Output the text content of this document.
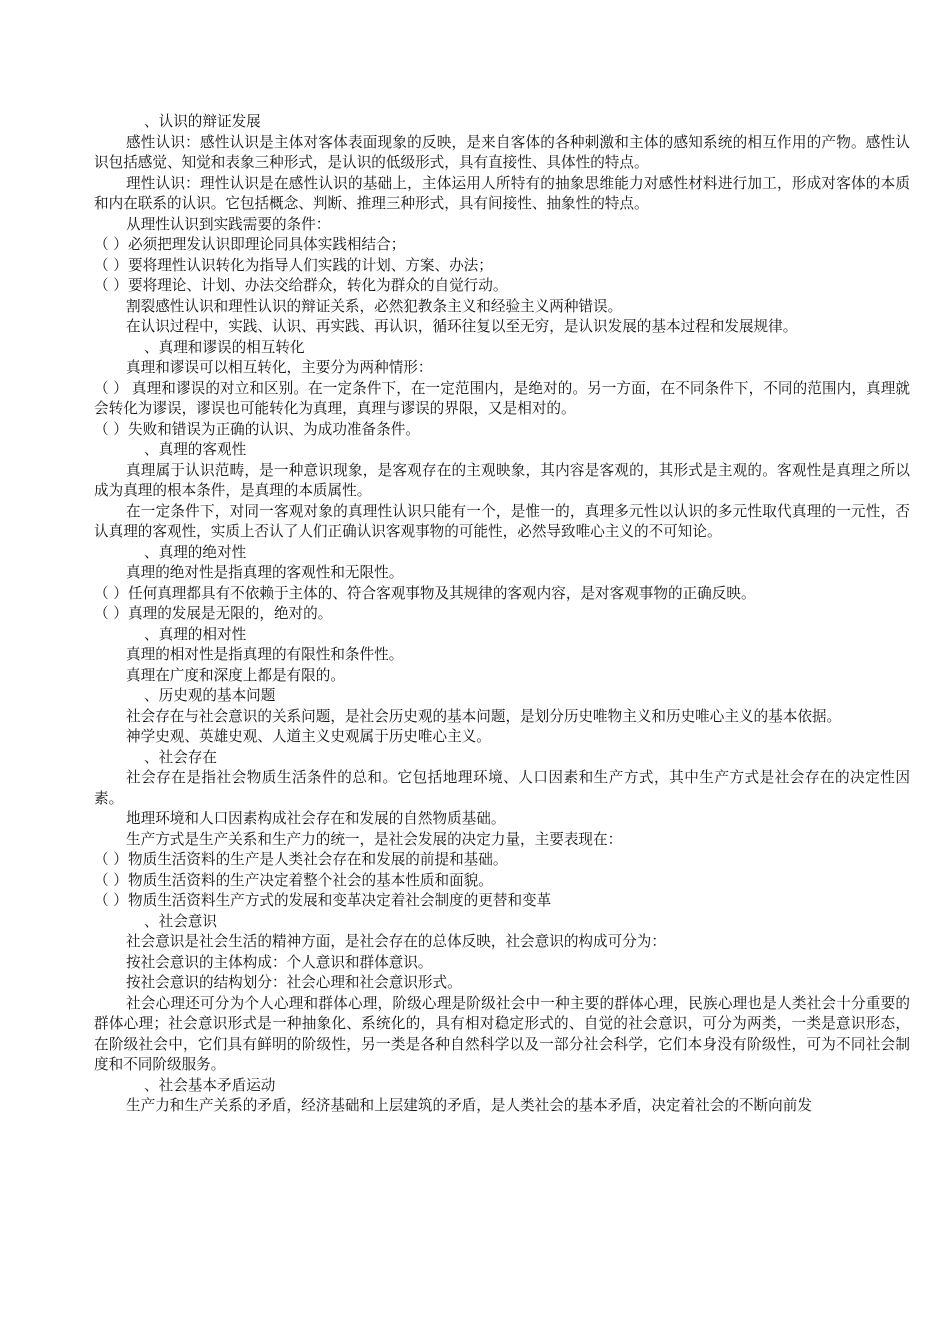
、认识的辩证发展

感性认识：感性认识是主体对客体表面现象的反映，是来自客体的各种刺激和主体的感知系统的相互作用的产物。感性认识包括感觉、知觉和表象三种形式，是认识的低级形式，具有直接性、具体性的特点。

理性认识：理性认识是在感性认识的基础上，主体运用人所特有的抽象思维能力对感性材料进行加工，形成对客体的本质和内在联系的认识。它包括概念、判断、推理三种形式，具有间接性、抽象性的特点。

从理性认识到实践需要的条件：

（ ）必须把理发认识即理论同具体实践相结合；

（ ）要将理性认识转化为指导人们实践的计划、方案、办法；

（ ）要将理论、计划、办法交给群众，转化为群众的自觉行动。

割裂感性认识和理性认识的辩证关系，必然犯教条主义和经验主义两种错误。

在认识过程中，实践、认识、再实践、再认识，循环往复以至无穷，是认识发展的基本过程和发展规律。

、真理和谬误的相互转化

真理和谬误可以相互转化，主要分为两种情形：

（ ） 真理和谬误的对立和区别。在一定条件下，在一定范围内，是绝对的。另一方面，在不同条件下，不同的范围内，真理就会转化为谬误，谬误也可能转化为真理，真理与谬误的界限，又是相对的。

（ ）失败和错误为正确的认识、为成功准备条件。

、真理的客观性

真理属于认识范畴，是一种意识现象，是客观存在的主观映象，其内容是客观的，其形式是主观的。客观性是真理之所以成为真理的根本条件，是真理的本质属性。

在一定条件下，对同一客观对象的真理性认识只能有一个，是惟一的，真理多元性以认识的多元性取代真理的一元性，否认真理的客观性，实质上否认了人们正确认识客观事物的可能性，必然导致唯心主义的不可知论。

、真理的绝对性

真理的绝对性是指真理的客观性和无限性。

（ ）任何真理都具有不依赖于主体的、符合客观事物及其规律的客观内容，是对客观事物的正确反映。

（ ）真理的发展是无限的，绝对的。

、真理的相对性

真理的相对性是指真理的有限性和条件性。

真理在广度和深度上都是有限的。

、历史观的基本问题

社会存在与社会意识的关系问题，是社会历史观的基本问题，是划分历史唯物主义和历史唯心主义的基本依据。

神学史观、英雄史观、人道主义史观属于历史唯心主义。

、社会存在

社会存在是指社会物质生活条件的总和。它包括地理环境、人口因素和生产方式，其中生产方式是社会存在的决定性因素。

地理环境和人口因素构成社会存在和发展的自然物质基础。

生产方式是生产关系和生产力的统一，是社会发展的决定力量，主要表现在：

（ ）物质生活资料的生产是人类社会存在和发展的前提和基础。

（ ）物质生活资料的生产决定着整个社会的基本性质和面貌。

（ ）物质生活资料生产方式的发展和变革决定着社会制度的更替和变革

、社会意识

社会意识是社会生活的精神方面，是社会存在的总体反映，社会意识的构成可分为：

按社会意识的主体构成：个人意识和群体意识。

按社会意识的结构划分：社会心理和社会意识形式。

社会心理还可分为个人心理和群体心理，阶级心理是阶级社会中一种主要的群体心理，民族心理也是人类社会十分重要的群体心理；社会意识形式是一种抽象化、系统化的，具有相对稳定形式的、自觉的社会意识，可分为两类，一类是意识形态，在阶级社会中，它们具有鲜明的阶级性，另一类是各种自然科学以及一部分社会科学，它们本身没有阶级性，可为不同社会制度和不同阶级服务。

、社会基本矛盾运动

生产力和生产关系的矛盾，经济基础和上层建筑的矛盾，是人类社会的基本矛盾，决定着社会的不断向前发
